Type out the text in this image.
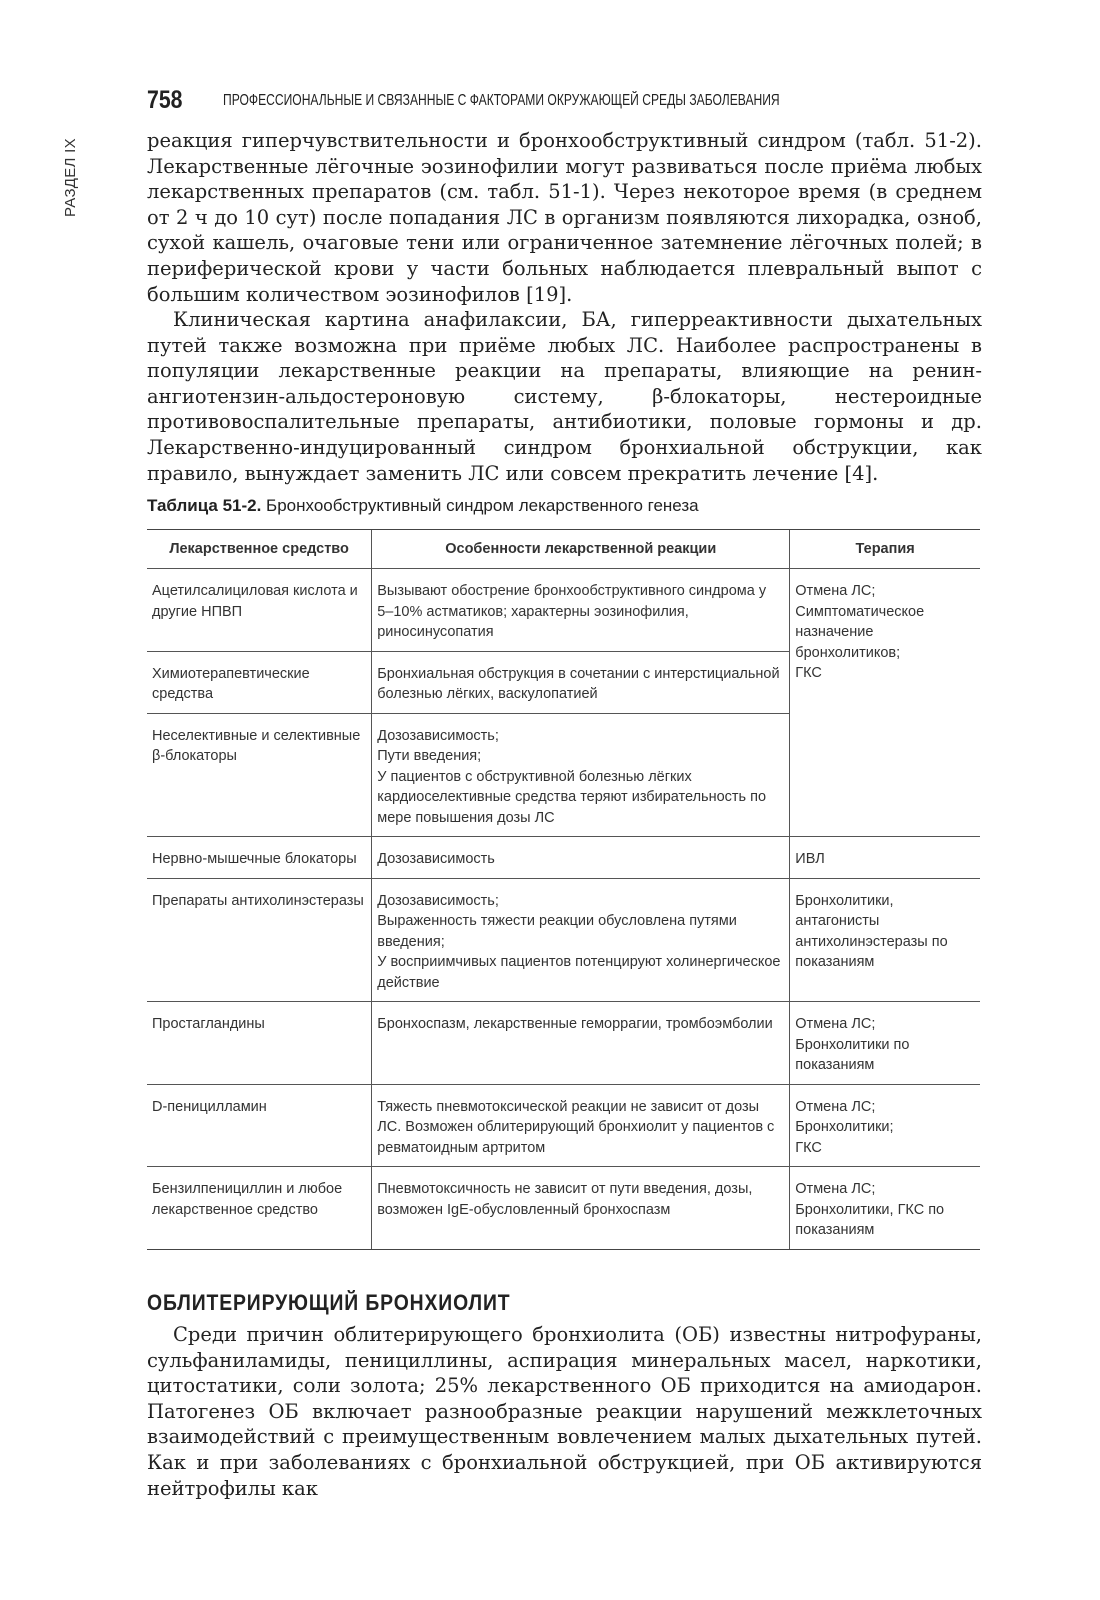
РАЗДЕЛ IX
758	ПРОФЕССИОНАЛЬНЫЕ И СВЯЗАННЫЕ С ФАКТОРАМИ ОКРУЖАЮЩЕЙ СРЕДЫ ЗАБОЛЕВАНИЯ

реакция гиперчувствительности и бронхообструктивный синдром (табл. 51-2). Лекарственные лёгочные эозинофилии могут развиваться после приёма любых лекарственных препаратов (см. табл. 51-1). Через некоторое время (в среднем от 2 ч до 10 сут) после попадания ЛС в организм появляются лихорадка, озноб, сухой кашель, очаговые тени или ограниченное затемнение лёгочных полей; в периферической крови у части больных наблюдается плевральный выпот с большим количеством эозинофилов [19].

Клиническая картина анафилаксии, БА, гиперреактивности дыхательных путей также возможна при приёме любых ЛС. Наиболее распространены в популяции лекарственные реакции на препараты, влияющие на ренин-ангиотензин-альдостероновую систему, β-блокаторы, нестероидные противовоспалительные препараты, антибиотики, половые гормоны и др. Лекарственно-индуцированный синдром бронхиальной обструкции, как правило, вынуждает заменить ЛС или совсем прекратить лечение [4].

Таблица 51-2. Бронхообструктивный синдром лекарственного генеза
Лекарственное средство	Особенности лекарственной реакции	Терапия
Ацетилсалициловая кислота и другие НПВП	Вызывают обострение бронхообструктивного синдрома у 5–10% астматиков; характерны эозинофилия, риносинусопатия	Отмена ЛС;
Симптоматическое назначение бронхолитиков;
ГКС

Химиотерапевтические средства	Бронхиальная обструкция в сочетании с интерстициальной болезнью лёгких, васкулопатией	
Неселективные и селективные β-блокаторы	Дозозависимость;
Пути введения;
У пациентов с обструктивной болезнью лёгких кардиоселективные средства теряют избирательность по мере повышения дозы ЛС	
Нервно-мышечные блокаторы	Дозозависимость	ИВЛ
Препараты антихолинэстеразы	Дозозависимость;
Выраженность тяжести реакции обусловлена путями введения;
У восприимчивых пациентов потенцируют холинергическое действие	Бронхолитики, антагонисты антихолинэстеразы по показаниям
Простагландины	Бронхоспазм, лекарственные геморрагии, тромбоэмболии	Отмена ЛС;
Бронхолитики по показаниям
D-пеницилламин	Тяжесть пневмотоксической реакции не зависит от дозы ЛС. Возможен облитерирующий бронхиолит у пациентов с ревматоидным артритом	Отмена ЛС;
Бронхолитики;
ГКС
Бензилпенициллин и любое лекарственное средство	Пневмотоксичность не зависит от пути введения, дозы, возможен IgE-обусловленный бронхоспазм	Отмена ЛС;
Бронхолитики, ГКС по показаниям
ОБЛИТЕРИРУЮЩИЙ БРОНХИОЛИТ

Среди причин облитерирующего бронхиолита (ОБ) известны нитрофураны, сульфаниламиды, пенициллины, аспирация минеральных масел, наркотики, цитостатики, соли золота; 25% лекарственного ОБ приходится на амиодарон. Патогенез ОБ включает разнообразные реакции нарушений межклеточных взаимодействий с преимущественным вовлечением малых дыхательных путей. Как и при заболеваниях с бронхиальной обструкцией, при ОБ активируются нейтрофилы как
